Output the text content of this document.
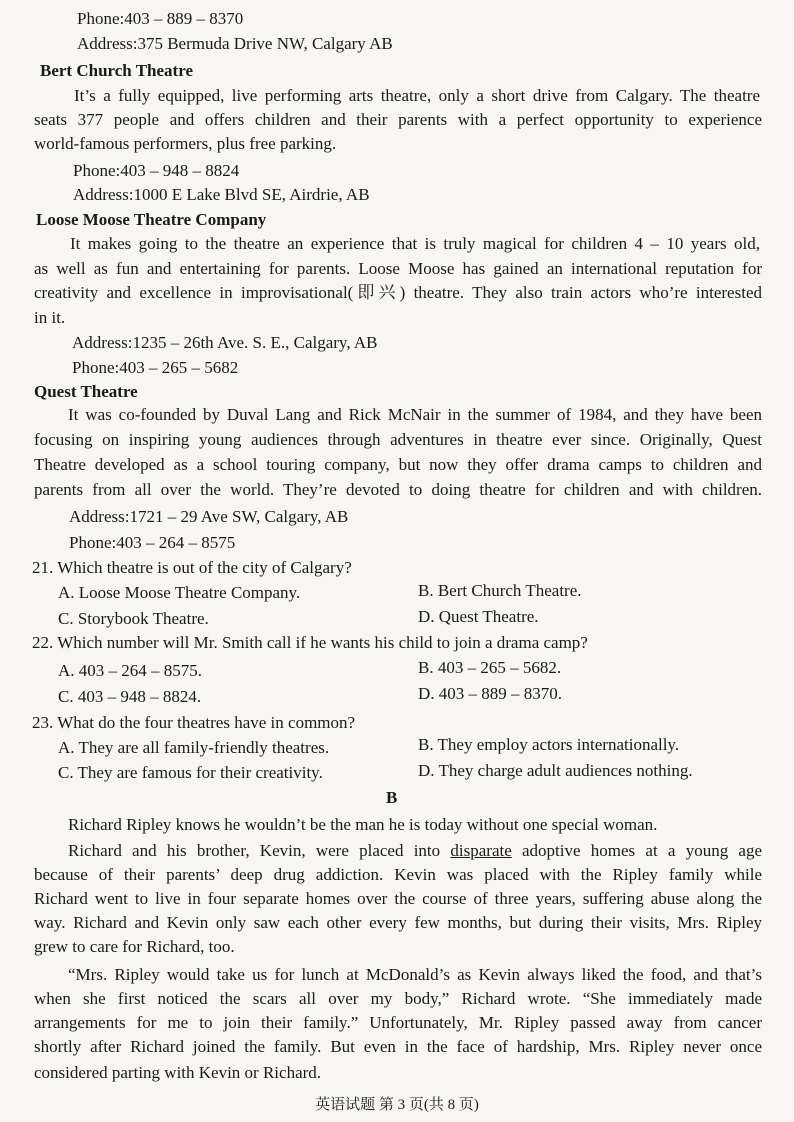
Phone:403 – 889 – 8370
Address:375 Bermuda Drive NW, Calgary AB
Bert Church Theatre
It’s a fully equipped, live performing arts theatre, only a short drive from Calgary. The theatre
seats 377 people and offers children and their parents with a perfect opportunity to experience
world-famous performers, plus free parking.
Phone:403 – 948 – 8824
Address:1000 E Lake Blvd SE, Airdrie, AB
Loose Moose Theatre Company
It makes going to the theatre an experience that is truly magical for children 4 – 10 years old,
as well as fun and entertaining for parents. Loose Moose has gained an international reputation for
creativity and excellence in improvisational(即兴) theatre. They also train actors who’re interested
in it.
Address:1235 – 26th Ave. S. E., Calgary, AB
Phone:403 – 265 – 5682
Quest Theatre
It was co-founded by Duval Lang and Rick McNair in the summer of 1984, and they have been
focusing on inspiring young audiences through adventures in theatre ever since. Originally, Quest
Theatre developed as a school touring company, but now they offer drama camps to children and
parents from all over the world. They’re devoted to doing theatre for children and with children.
Address:1721 – 29 Ave SW, Calgary, AB
Phone:403 – 264 – 8575
21. Which theatre is out of the city of Calgary?
A. Loose Moose Theatre Company.	B. Bert Church Theatre.
C. Storybook Theatre.	D. Quest Theatre.
22. Which number will Mr. Smith call if he wants his child to join a drama camp?
A. 403 – 264 – 8575.	B. 403 – 265 – 5682.
C. 403 – 948 – 8824.	D. 403 – 889 – 8370.
23. What do the four theatres have in common?
A. They are all family-friendly theatres.	B. They employ actors internationally.
C. They are famous for their creativity.	D. They charge adult audiences nothing.
B
Richard Ripley knows he wouldn’t be the man he is today without one special woman.
Richard and his brother, Kevin, were placed into disparate adoptive homes at a young age
because of their parents’ deep drug addiction. Kevin was placed with the Ripley family while
Richard went to live in four separate homes over the course of three years, suffering abuse along the
way. Richard and Kevin only saw each other every few months, but during their visits, Mrs. Ripley
grew to care for Richard, too.
“Mrs. Ripley would take us for lunch at McDonald’s as Kevin always liked the food, and that’s
when she first noticed the scars all over my body,” Richard wrote. “She immediately made
arrangements for me to join their family.” Unfortunately, Mr. Ripley passed away from cancer
shortly after Richard joined the family. But even in the face of hardship, Mrs. Ripley never once
considered parting with Kevin or Richard.
英语试题 第 3 页(共 8 页)
